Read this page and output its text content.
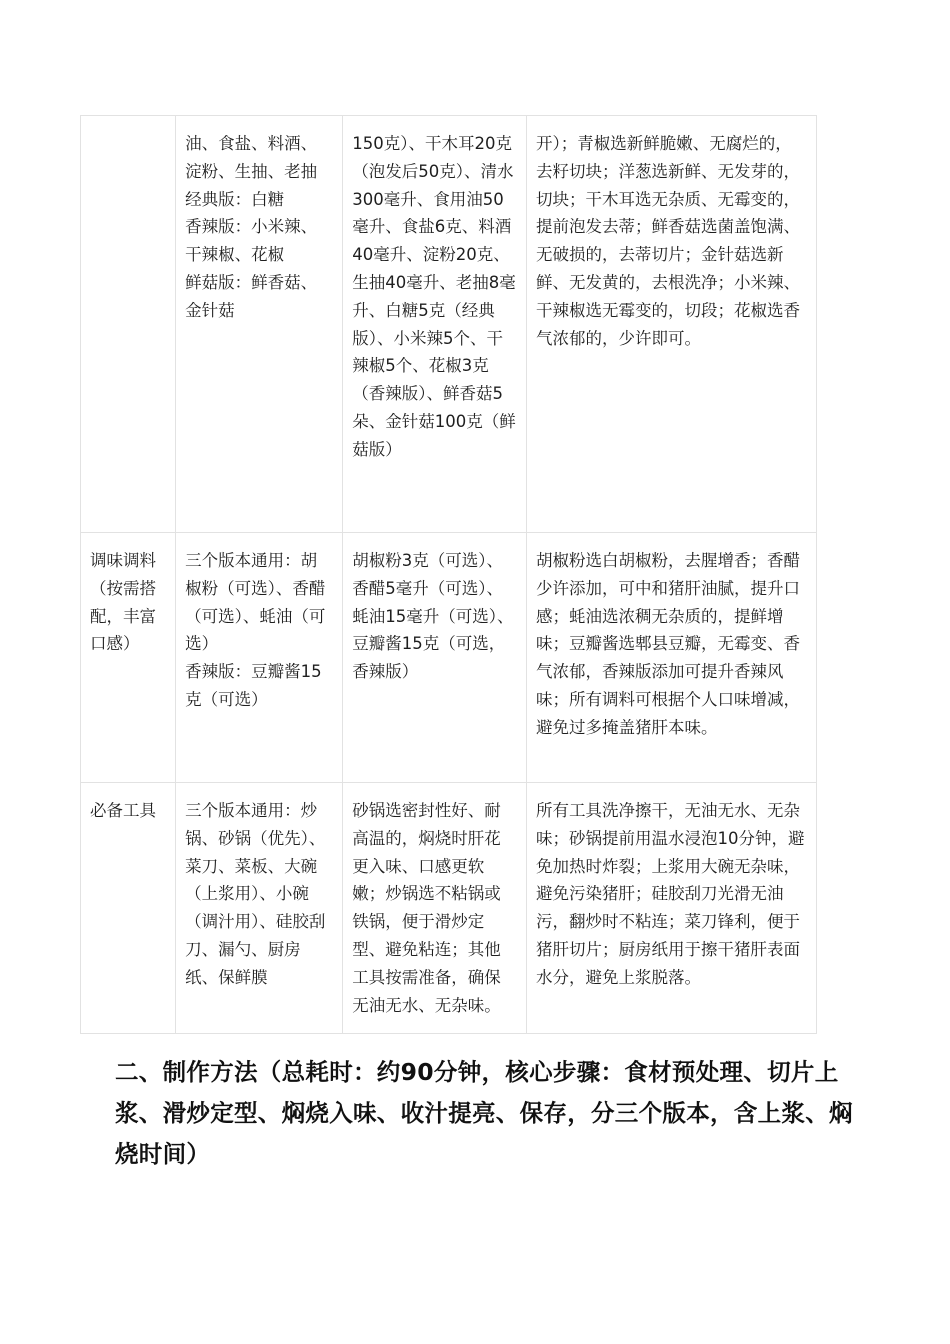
	油、食盐、料酒、淀粉、生抽、老抽
经典版：白糖
香辣版：小米辣、干辣椒、花椒
鲜菇版：鲜香菇、金针菇	150克）、干木耳20克（泡发后50克）、清水300毫升、食用油50毫升、食盐6克、料酒40毫升、淀粉20克、生抽40毫升、老抽8毫升、白糖5克（经典版）、小米辣5个、干辣椒5个、花椒3克（香辣版）、鲜香菇5朵、金针菇100克（鲜菇版）	开）；青椒选新鲜脆嫩、无腐烂的，去籽切块；洋葱选新鲜、无发芽的，切块；干木耳选无杂质、无霉变的，提前泡发去蒂；鲜香菇选菌盖饱满、无破损的，去蒂切片；金针菇选新鲜、无发黄的，去根洗净；小米辣、干辣椒选无霉变的，切段；花椒选香气浓郁的，少许即可。
调味调料（按需搭配，丰富口感）	三个版本通用：胡椒粉（可选）、香醋（可选）、蚝油（可选）
香辣版：豆瓣酱15克（可选）	胡椒粉3克（可选）、香醋5毫升（可选）、蚝油15毫升（可选）、豆瓣酱15克（可选，香辣版）	胡椒粉选白胡椒粉，去腥增香；香醋少许添加，可中和猪肝油腻，提升口感；蚝油选浓稠无杂质的，提鲜增味；豆瓣酱选郫县豆瓣，无霉变、香气浓郁，香辣版添加可提升香辣风味；所有调料可根据个人口味增减，避免过多掩盖猪肝本味。
必备工具	三个版本通用：炒锅、砂锅（优先）、菜刀、菜板、大碗（上浆用）、小碗（调汁用）、硅胶刮刀、漏勺、厨房纸、保鲜膜	砂锅选密封性好、耐高温的，焖烧时肝花更入味、口感更软嫩；炒锅选不粘锅或铁锅，便于滑炒定型、避免粘连；其他工具按需准备，确保无油无水、无杂味。	所有工具洗净擦干，无油无水、无杂味；砂锅提前用温水浸泡10分钟，避免加热时炸裂；上浆用大碗无杂味，避免污染猪肝；硅胶刮刀光滑无油污，翻炒时不粘连；菜刀锋利，便于猪肝切片；厨房纸用于擦干猪肝表面水分，避免上浆脱落。
二、制作方法（总耗时：约90分钟，核心步骤：食材预处理、切片上浆、滑炒定型、焖烧入味、收汁提亮、保存，分三个版本，含上浆、焖烧时间）
